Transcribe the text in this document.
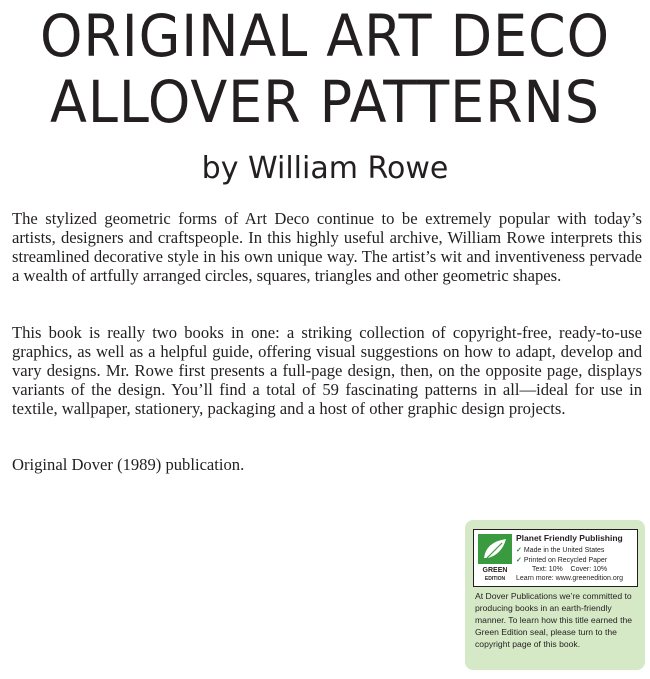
ORIGINAL ART DECO
ALLOVER PATTERNS
by William Rowe

The stylized geometric forms of Art Deco continue to be extremely popular with today’s artists, designers and craftspeople. In this highly useful archive, William Rowe interprets this streamlined decorative style in his own unique way. The artist’s wit and inventiveness pervade a wealth of artfully arranged circles, squares, triangles and other geometric shapes.

This book is really two books in one: a striking collection of copyright-free, ready-to-use graphics, as well as a helpful guide, offering visual suggestions on how to adapt, develop and vary designs. Mr. Rowe first presents a full-page design, then, on the opposite page, displays variants of the design. You’ll find a total of 59 fascinating patterns in all—ideal for use in textile, wallpaper, stationery, packaging and a host of other graphic design projects.

Original Dover (1989) publication.

GREEN
EDITION
Planet Friendly Publishing
✓ Made in the United States
✓ Printed on Recycled Paper
Text: 10% Cover: 10%
Learn more: www.greenedition.org
At Dover Publications we’re committed to producing books in an earth-friendly manner. To learn how this title earned the Green Edition seal, please turn to the copyright page of this book.
